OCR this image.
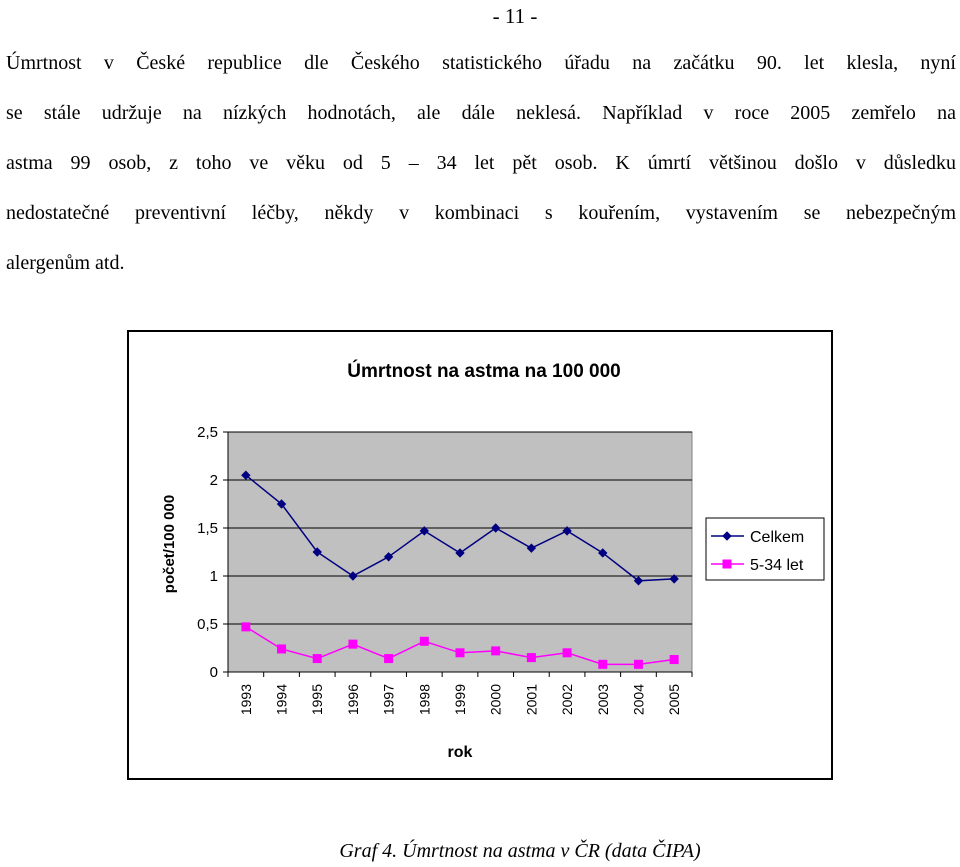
- 11 -
Úmrtnost v České republice dle Českého statistického úřadu na začátku 90. let klesla, nyní
se stále udržuje na nízkých hodnotách, ale dále neklesá. Například v roce 2005 zemřelo na
astma 99 osob, z toho ve věku od 5 – 34 let pět osob. K úmrtí většinou došlo v důsledku
nedostatečné preventivní léčby, někdy v kombinaci s kouřením, vystavením se nebezpečným
alergenům atd.
Úmrtnost na astma na 100 000
0
0,5
1
1,5
2
2,5
1993 1994 1995 1996 1997 1998 1999 2000 2001 2002 2003 2004 2005
počet/100 000
rok
Celkem
5-34 let
Graf 4. Úmrtnost na astma v ČR (data ČIPA)
